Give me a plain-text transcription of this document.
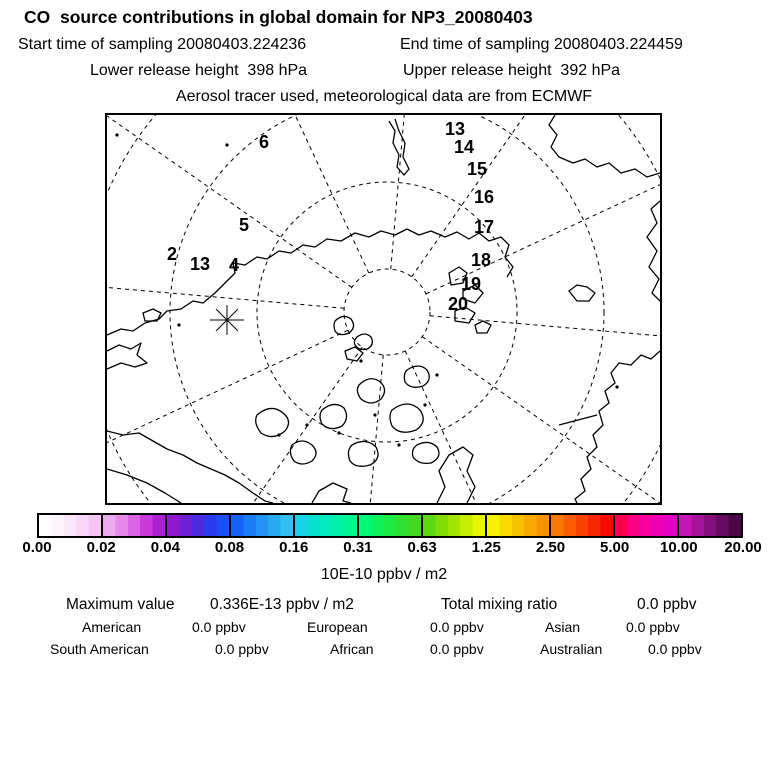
CO  source contributions in global domain for NP3_20080403
Start time of sampling 20080403.224236	End time of sampling 20080403.224459
Lower release height  398 hPa	Upper release height  392 hPa
Aerosol tracer used, meteorological data are from ECMWF
2 13 4
5
6
13
14
15
16
17
18
19
20
0.00 0.02 0.04 0.08 0.16 0.31 0.63 1.25 2.50 5.00 10.00 20.00
10E-10 ppbv / m2
Maximum value 0.336E-13 ppbv / m2	Total mixing ratio	0.0 ppbv
American	0.0 ppbv	European	0.0 ppbv	Asian	0.0 ppbv
South American	0.0 ppbv	African	0.0 ppbv	Australian	0.0 ppbv
